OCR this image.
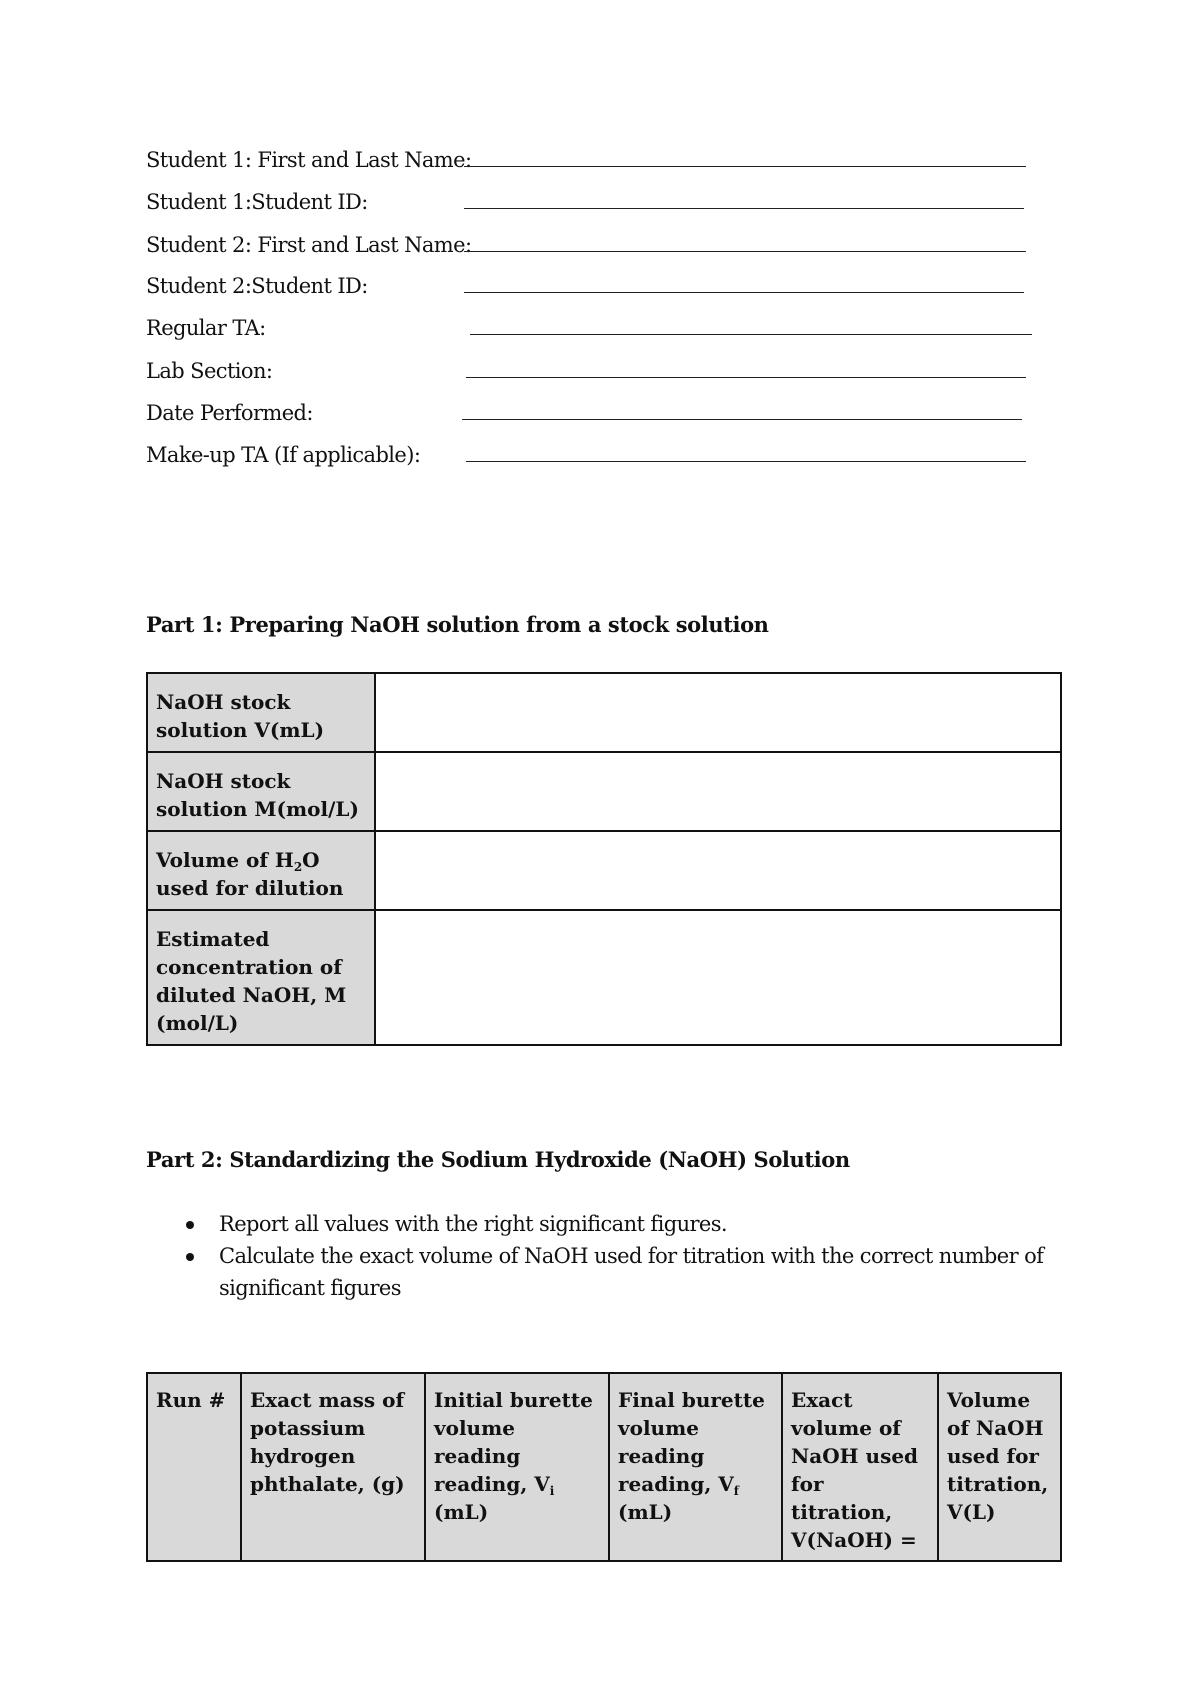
Student 1: First and Last Name:
Student 1:Student ID:
Student 2: First and Last Name:
Student 2:Student ID:
Regular TA:
Lab Section:
Date Performed:
Make-up TA (If applicable):
Part 1: Preparing NaOH solution from a stock solution
NaOH stock solution V(mL)	
NaOH stock solution M(mol/L)	
Volume of $H_2O$ used for dilution	
Estimated concentration of diluted NaOH, M (mol/L)	
Part 2: Standardizing the Sodium Hydroxide (NaOH) Solution
Report all values with the right significant figures.
Calculate the exact volume of NaOH used for titration with the correct number of significant figures
Run #	Exact mass of potassium hydrogen phthalate, (g)	Initial burette volume reading reading, $V_i$ (mL)	Final burette volume reading reading, $V_f$ (mL)	Exact volume of NaOH used for titration, V(NaOH) =	Volume of NaOH used for titration, V(L)
